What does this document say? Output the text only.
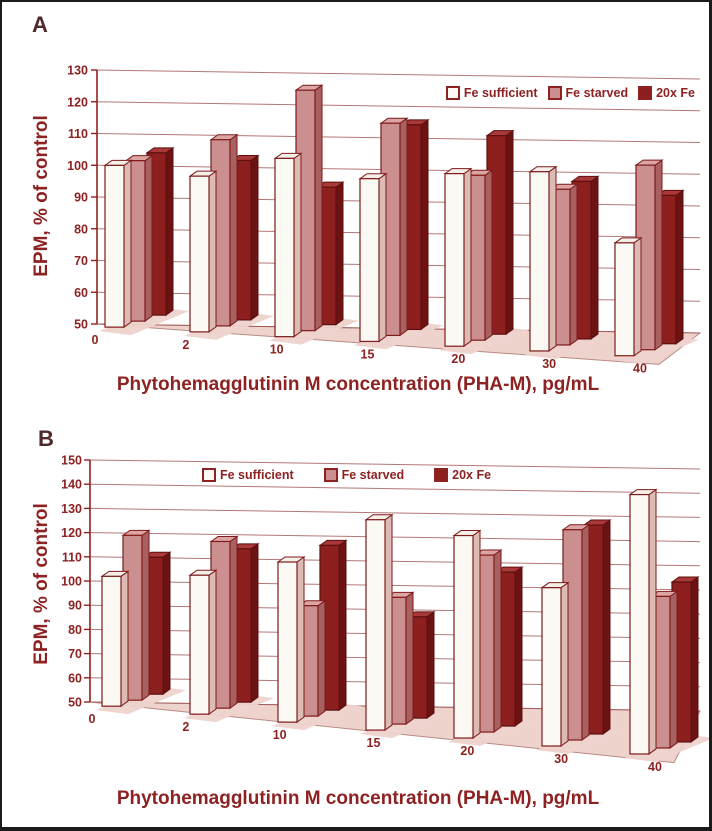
130
120
110
100
90
80
70
60
50
0	2	10	15	20	30	40
150
140
130
120
110
100
90
80
70
60
50
0
2
10
15
20
30
40
A
B
EPM, % of control
EPM, % of control
Phytohemagglutinin M concentration (PHA-M), pg/mL
Phytohemagglutinin M concentration (PHA-M), pg/mL
Fe sufficient Fe starved 20x Fe
Fe sufficient	Fe starved	20x Fe
